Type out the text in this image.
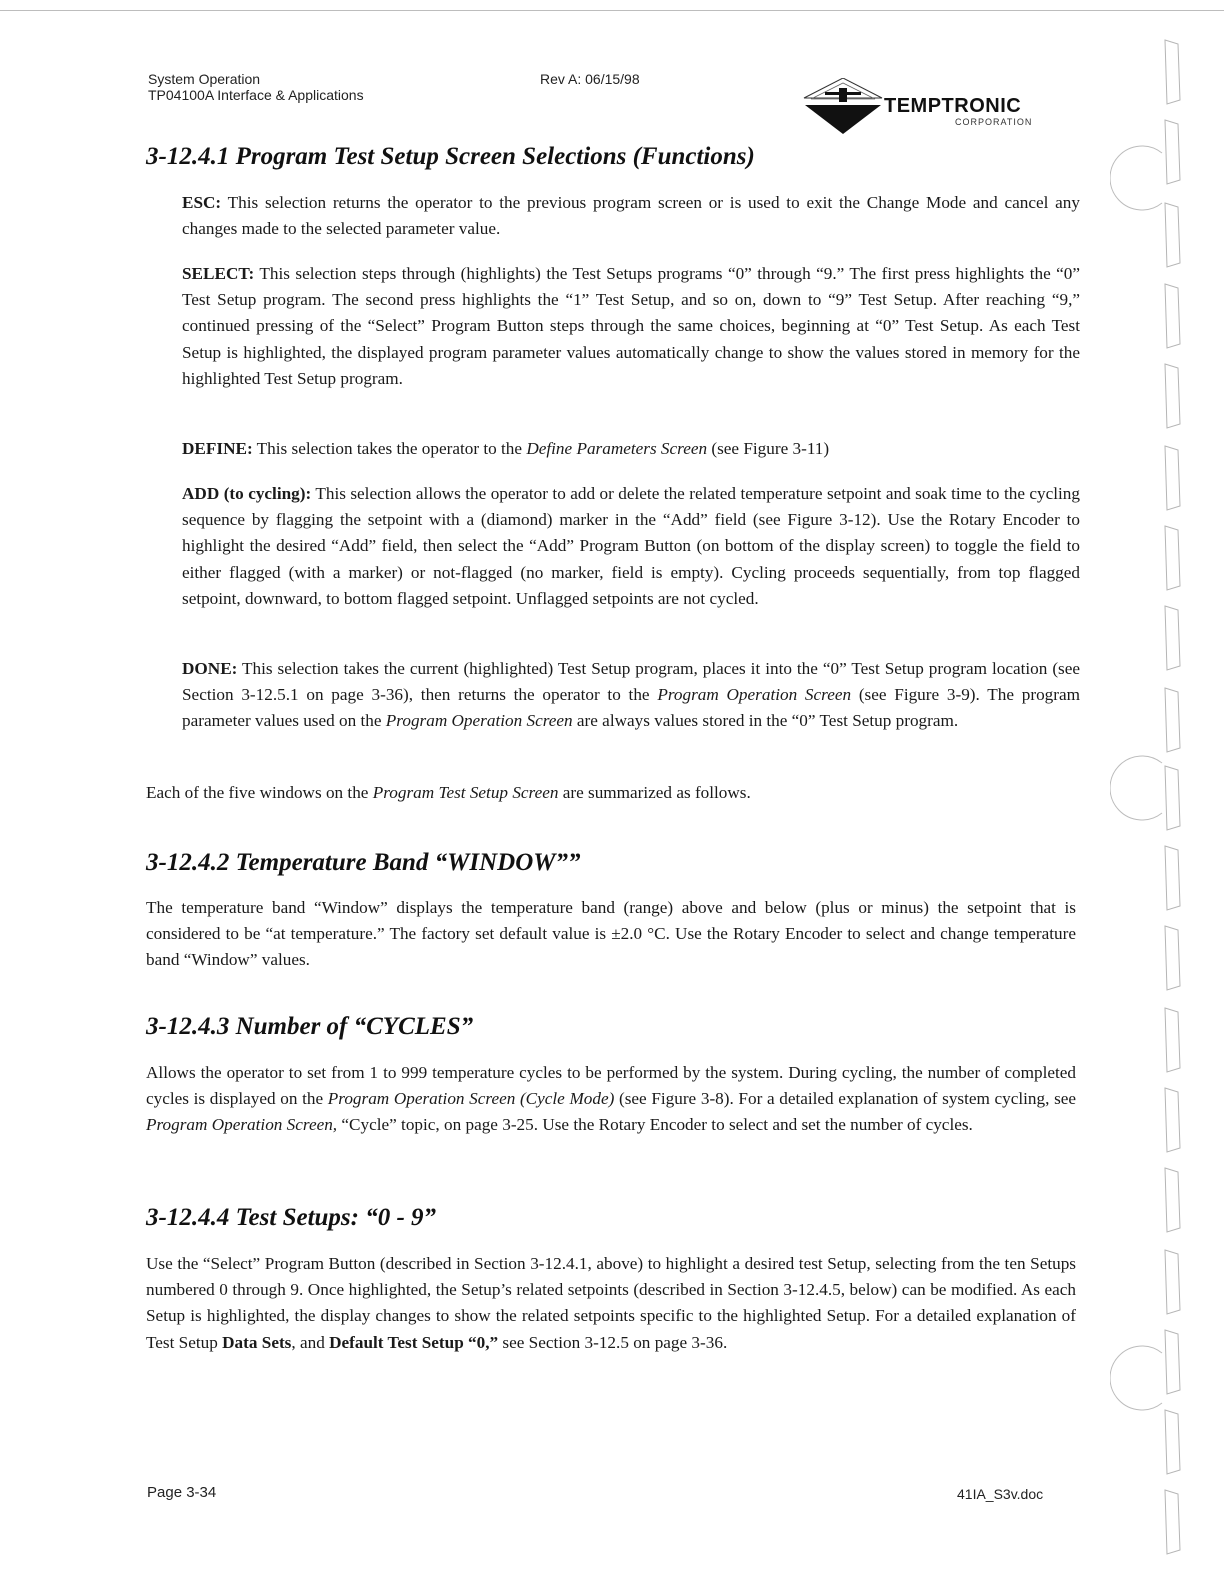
System Operation
TP04100A Interface & Applications
Rev A: 06/15/98
TEMPTRONIC
CORPORATION
3-12.4.1 Program Test Setup Screen Selections (Functions)

ESC: This selection returns the operator to the previous program screen or is used to exit the Change Mode and cancel any changes made to the selected parameter value.

SELECT: This selection steps through (highlights) the Test Setups programs “0” through “9.” The first press highlights the “0” Test Setup program. The second press highlights the “1” Test Setup, and so on, down to “9” Test Setup. After reaching “9,” continued pressing of the “Select” Program Button steps through the same choices, beginning at “0” Test Setup. As each Test Setup is highlighted, the displayed program parameter values automatically change to show the values stored in memory for the highlighted Test Setup program.

DEFINE: This selection takes the operator to the Define Parameters Screen (see Figure 3-11)

ADD (to cycling): This selection allows the operator to add or delete the related temperature setpoint and soak time to the cycling sequence by flagging the setpoint with a (diamond) marker in the “Add” field (see Figure 3-12). Use the Rotary Encoder to highlight the desired “Add” field, then select the “Add” Program Button (on bottom of the display screen) to toggle the field to either flagged (with a marker) or not-flagged (no marker, field is empty). Cycling proceeds sequentially, from top flagged setpoint, downward, to bottom flagged setpoint. Unflagged setpoints are not cycled.

DONE: This selection takes the current (highlighted) Test Setup program, places it into the “0” Test Setup program location (see Section 3-12.5.1 on page 3-36), then returns the operator to the Program Operation Screen (see Figure 3-9). The program parameter values used on the Program Operation Screen are always values stored in the “0” Test Setup program.

Each of the five windows on the Program Test Setup Screen are summarized as follows.

3-12.4.2 Temperature Band “WINDOW””

The temperature band “Window” displays the temperature band (range) above and below (plus or minus) the setpoint that is considered to be “at temperature.” The factory set default value is ±2.0 °C. Use the Rotary Encoder to select and change temperature band “Window” values.

3-12.4.3 Number of “CYCLES”

Allows the operator to set from 1 to 999 temperature cycles to be performed by the system. During cycling, the number of completed cycles is displayed on the Program Operation Screen (Cycle Mode) (see Figure 3-8). For a detailed explanation of system cycling, see Program Operation Screen, “Cycle” topic, on page 3-25. Use the Rotary Encoder to select and set the number of cycles.

3-12.4.4 Test Setups: “0 - 9”

Use the “Select” Program Button (described in Section 3-12.4.1, above) to highlight a desired test Setup, selecting from the ten Setups numbered 0 through 9. Once highlighted, the Setup’s related setpoints (described in Section 3-12.4.5, below) can be modified. As each Setup is highlighted, the display changes to show the related setpoints specific to the highlighted Setup. For a detailed explanation of Test Setup Data Sets, and Default Test Setup “0,” see Section 3-12.5 on page 3-36.

Page 3-34	41IA_S3v.doc
